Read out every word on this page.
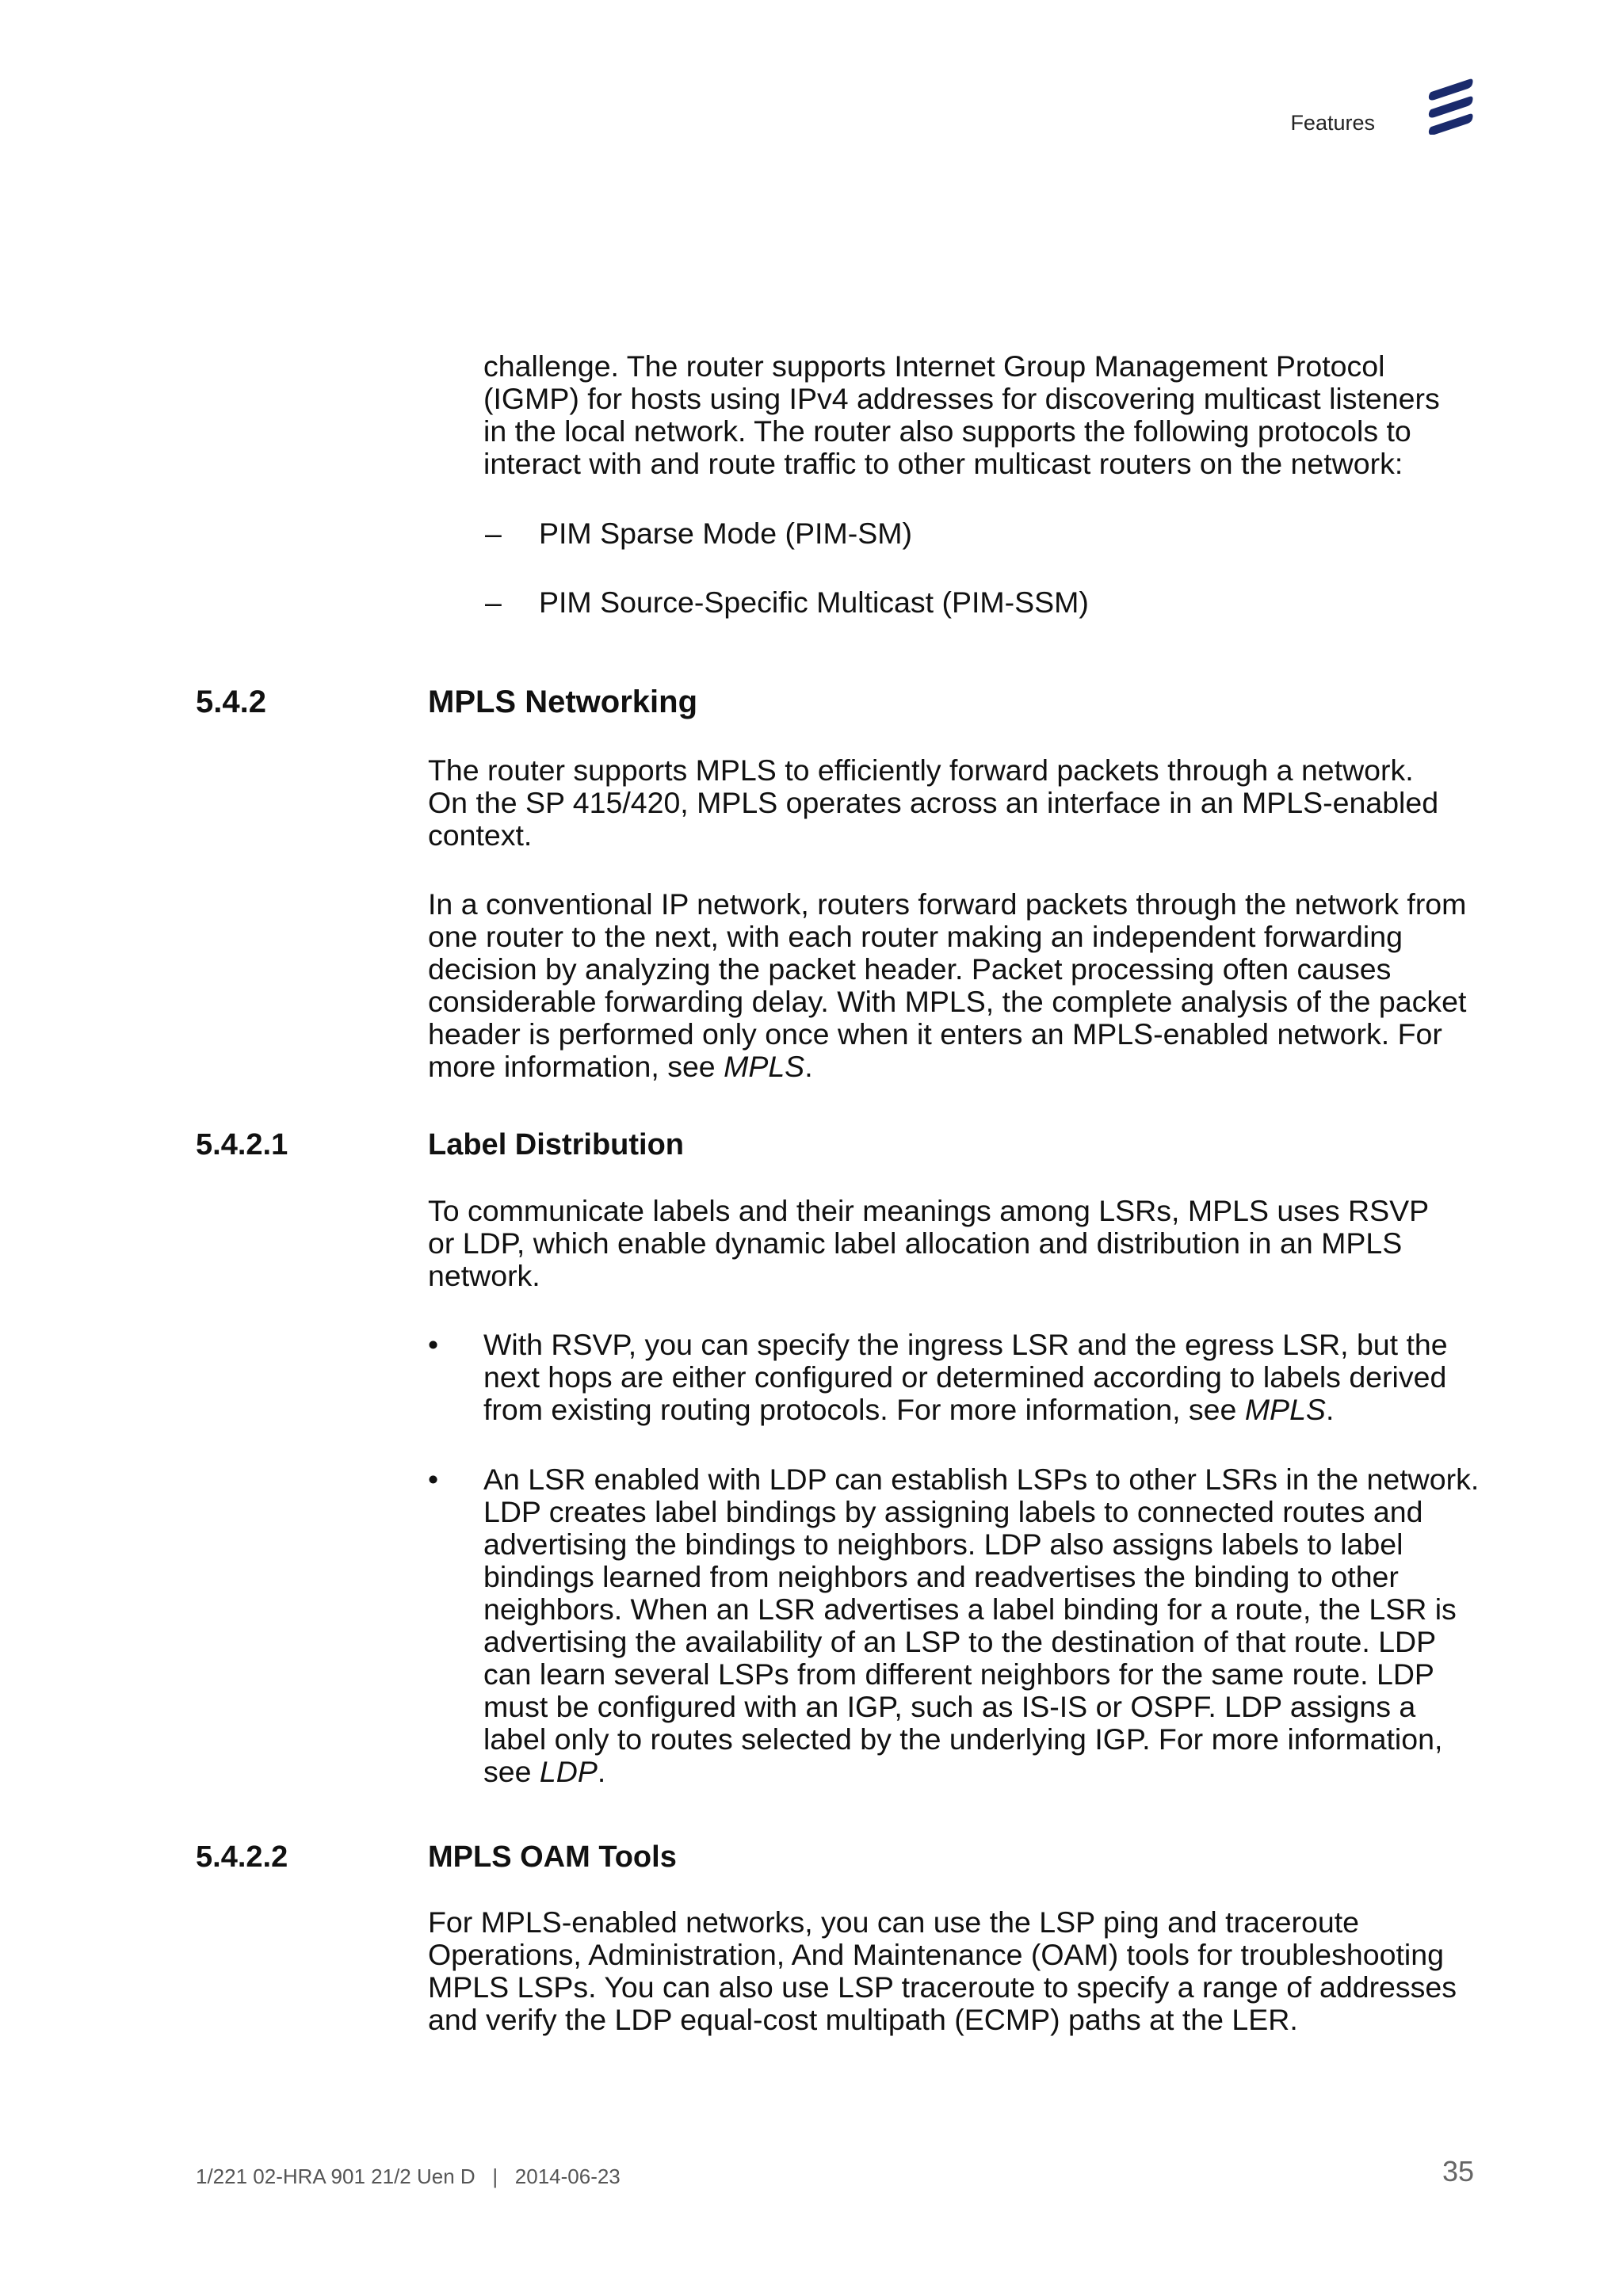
Features

challenge. The router supports Internet Group Management Protocol

(IGMP) for hosts using IPv4 addresses for discovering multicast listeners

in the local network. The router also supports the following protocols to

interact with and route traffic to other multicast routers on the network:

– PIM Sparse Mode (PIM-SM)
– PIM Source-Specific Multicast (PIM-SSM)
5.4.2	MPLS Networking

The router supports MPLS to efficiently forward packets through a network.

On the SP 415/420, MPLS operates across an interface in an MPLS-enabled

context.

In a conventional IP network, routers forward packets through the network from

one router to the next, with each router making an independent forwarding

decision by analyzing the packet header. Packet processing often causes

considerable forwarding delay. With MPLS, the complete analysis of the packet

header is performed only once when it enters an MPLS-enabled network. For

more information, see MPLS.

5.4.2.1	Label Distribution

To communicate labels and their meanings among LSRs, MPLS uses RSVP

or LDP, which enable dynamic label allocation and distribution in an MPLS

network.

• With RSVP, you can specify the ingress LSR and the egress LSR, but the

next hops are either configured or determined according to labels derived

from existing routing protocols. For more information, see MPLS.

• An LSR enabled with LDP can establish LSPs to other LSRs in the network.

LDP creates label bindings by assigning labels to connected routes and

advertising the bindings to neighbors. LDP also assigns labels to label

bindings learned from neighbors and readvertises the binding to other

neighbors. When an LSR advertises a label binding for a route, the LSR is

advertising the availability of an LSP to the destination of that route. LDP

can learn several LSPs from different neighbors for the same route. LDP

must be configured with an IGP, such as IS-IS or OSPF. LDP assigns a

label only to routes selected by the underlying IGP. For more information,

see LDP.

5.4.2.2	MPLS OAM Tools

For MPLS-enabled networks, you can use the LSP ping and traceroute

Operations, Administration, And Maintenance (OAM) tools for troubleshooting

MPLS LSPs. You can also use LSP traceroute to specify a range of addresses

and verify the LDP equal-cost multipath (ECMP) paths at the LER.

1/221 02-HRA 901 21/2 Uen D   |   2014-06-23	35
